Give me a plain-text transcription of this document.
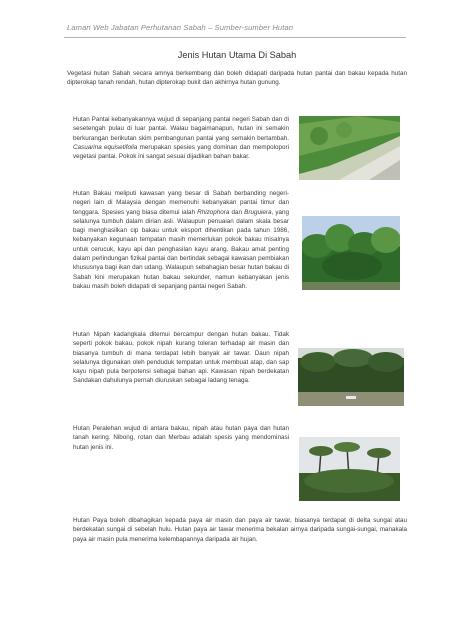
Laman Web Jabatan Perhutanan Sabah – Sumber-sumber Hutan
Jenis Hutan Utama Di Sabah
Vegetasi hutan Sabah secara amnya berkembang dan boleh didapati daripada hutan pantai dan bakau kepada hutan dipterokap tanah rendah, hutan dipterokap bukit dan akhirnya hutan gunung.
Hutan Pantai kebanyakannya wujud di sepanjang pantai negeri Sabah dan di sesetengah pulau di luar pantai. Walau bagaimanapun, hutan ini semakin berkurangan berikutan skim pembangunan pantai yang semakin bertambah. Casuarina equisetifolia merupakan spesies yang dominan dan mempolopori vegetasi pantai. Pokok ini sangat sesuai dijadikan bahan bakar.
Hutan Bakau meliputi kawasan yang besar di Sabah berbanding negeri-negeri lain di Malaysia dengan memenuhi kebanyakan pantai timur dan tenggara. Spesies yang biasa ditemui ialah Rhizophora dan Bruguiera, yang selalunya tumbuh dalam dirian asli. Walaupun penuaian dalam skala besar bagi menghasilkan cip bakau untuk eksport dihentikan pada tahun 1986, kebanyakan kegunaan tempatan masih memerlukan pokok bakau misalnya untuk cerucuk, kayu api dan penghasilan kayu arang. Bakau amat penting dalam perlindungan fizikal pantai dan bertindak sebagai kawasan pembiakan khususnya bagi ikan dan udang. Walaupun sebahagian besar hutan bakau di Sabah kini merupakan hutan bakau sekunder, namun kebanyakan jenis bakau masih boleh didapati di sepanjang pantai negeri Sabah.
Hutan Nipah kadangkala ditemui bercampur dengan hutan bakau. Tidak seperti pokok bakau, pokok nipah kurang toleran terhadap air masin dan biasanya tumbuh di mana terdapat lebih banyak air tawar. Daun nipah selalunya digunakan oleh penduduk tempatan untuk membuat atap, dan sap kayu nipah pula berpotensi sebagai bahan api. Kawasan nipah berdekatan Sandakan dahulunya pernah diuruskan sebagai ladang tenaga.
Hutan Peralehan wujud di antara bakau, nipah atau hutan paya dan hutan tanah kering. Nibong, rotan dan Merbau adalah spesis yang mendominasi hutan jenis ini.
Hutan Paya boleh dibahagikan kepada paya air masin dan paya air tawar, biasanya terdapat di delta sungai atau berdekatan sungai di sebelah hulu. Hutan paya air tawar menerima bekalan airnya daripada sungai-sungai, manakala paya air masin pula menerima kelembapannya daripada air hujan.
